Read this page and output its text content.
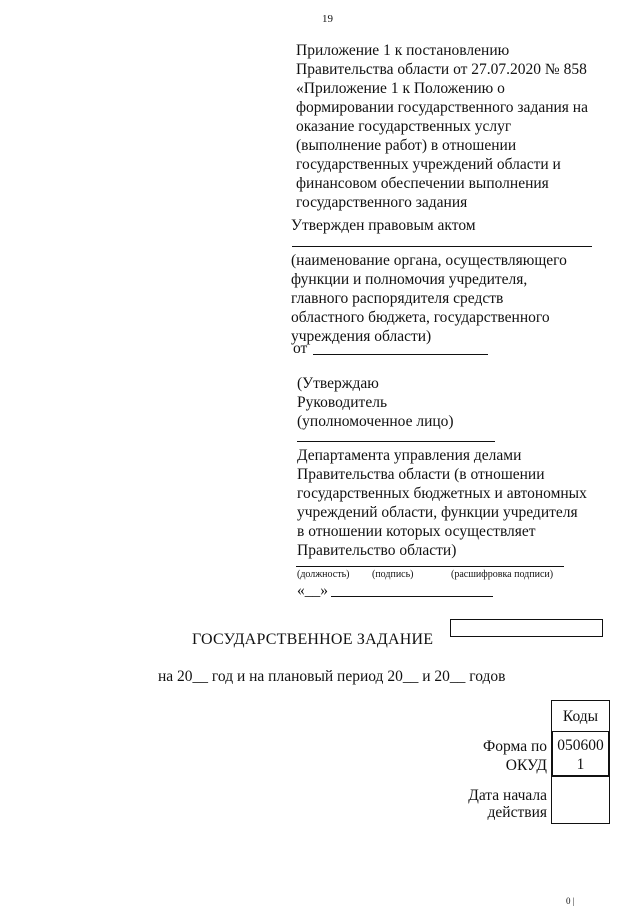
19
Приложение 1 к постановлению
Правительства области от 27.07.2020 № 858
«Приложение 1 к Положению о
формировании государственного задания на
оказание государственных услуг
(выполнение работ) в отношении
государственных учреждений области и
финансовом обеспечении выполнения
государственного задания
Утвержден правовым актом
(наименование органа, осуществляющего
функции и полномочия учредителя,
главного распорядителя средств
областного бюджета, государственного
учреждения области)
от
(Утверждаю
Руководитель
(уполномоченное лицо)
Департамента управления делами
Правительства области (в отношении
государственных бюджетных и автономных
учреждений области, функции учредителя
в отношении которых осуществляет
Правительство области)
(должность) (подпись)	(расшифровка подписи)
«__»
ГОСУДАРСТВЕННОЕ ЗАДАНИЕ
на 20__ год и на плановый период 20__ и 20__ годов
Коды
050600
1
Форма по
ОКУД
Дата начала
действия
0 |
